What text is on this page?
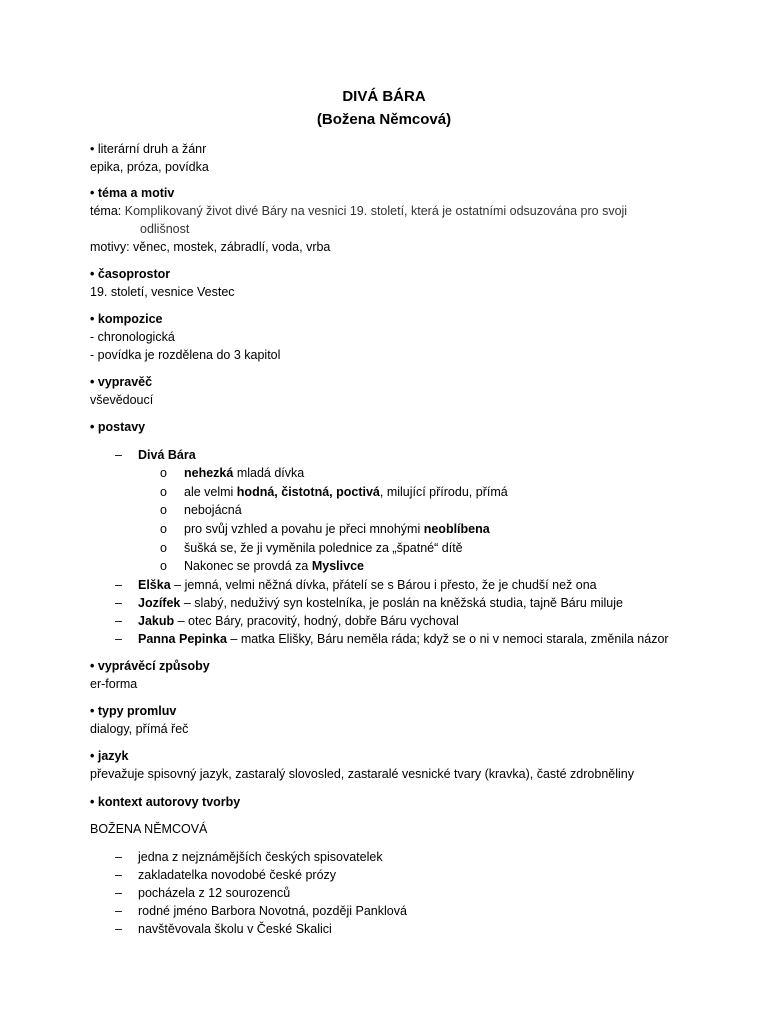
DIVÁ BÁRA
(Božena Němcová)
• literární druh a žánr
epika, próza, povídka
• téma a motiv
téma: Komplikovaný život divé Báry na vesnici 19. století, která je ostatními odsuzována pro svoji
odlišnost
motivy: věnec, mostek, zábradlí, voda, vrba
• časoprostor
19. století, vesnice Vestec
• kompozice
- chronologická
- povídka je rozdělena do 3 kapitol
• vypravěč
vševědoucí
• postavy
– Divá Bára
o nehezká mladá dívka
o ale velmi hodná, čistotná, poctivá, milující přírodu, přímá
o nebojácná
o pro svůj vzhled a povahu je přeci mnohými neoblíbena
o šušká se, že ji vyměnila polednice za „špatné“ dítě
o Nakonec se provdá za Myslivce
– Elška – jemná, velmi něžná dívka, přátelí se s Bárou i přesto, že je chudší než ona
– Jozífek – slabý, neduživý syn kostelníka, je poslán na kněžská studia, tajně Báru miluje
– Jakub – otec Báry, pracovitý, hodný, dobře Báru vychoval
– Panna Pepinka – matka Elišky, Báru neměla ráda; když se o ni v nemoci starala, změnila názor
• vyprávěcí způsoby
er-forma
• typy promluv
dialogy, přímá řeč
• jazyk
převažuje spisovný jazyk, zastaralý slovosled, zastaralé vesnické tvary (kravka), časté zdrobněliny
• kontext autorovy tvorby
BOŽENA NĚMCOVÁ
– jedna z nejznámějších českých spisovatelek
– zakladatelka novodobé české prózy
– pocházela z 12 sourozenců
– rodné jméno Barbora Novotná, později Panklová
– navštěvovala školu v České Skalici
